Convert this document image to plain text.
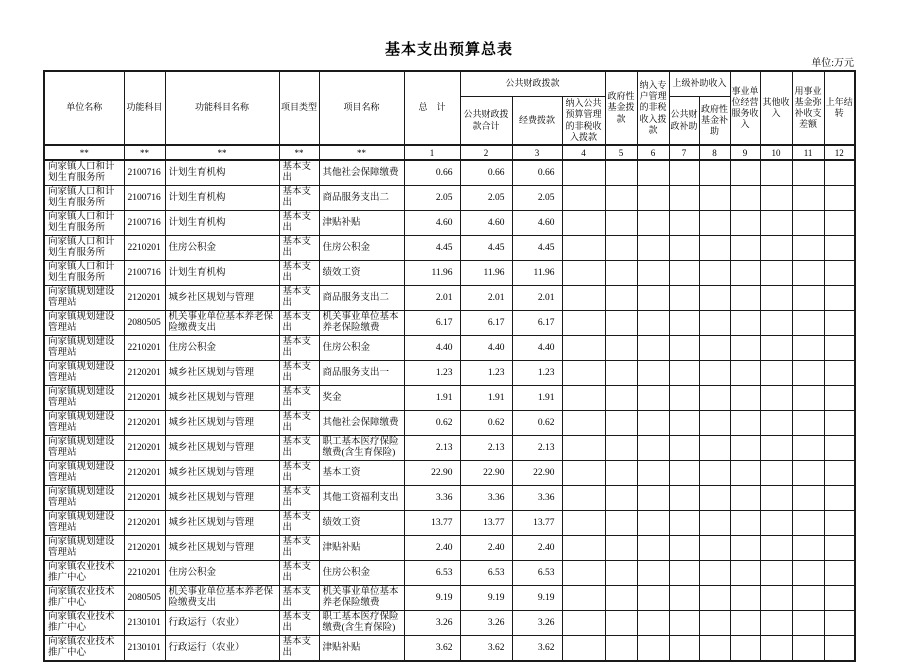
基本支出预算总表
单位:万元
单位名称	功能科目	功能科目名称	项目类型	项目名称	总　计	公共财政拨款			政府性基金拨款	纳入专户管理的非税收入拨款	上级补助收入		事业单位经营服务收入	其他收入	用事业基金弥补收支差额	上年结转
						公共财政拨款合计	经费拨款	纳入公共预算管理的非税收入拨款			公共财政补助	政府性基金补助				
**	**	**	**	**	1	2	3	4	5	6	7	8	9	10	11	12
向家镇人口和计划生育服务所	2100716	计划生育机构	基本支出	其他社会保障缴费	0.66	0.66	0.66									
向家镇人口和计划生育服务所	2100716	计划生育机构	基本支出	商品服务支出二	2.05	2.05	2.05									
向家镇人口和计划生育服务所	2100716	计划生育机构	基本支出	津贴补贴	4.60	4.60	4.60									
向家镇人口和计划生育服务所	2210201	住房公积金	基本支出	住房公积金	4.45	4.45	4.45									
向家镇人口和计划生育服务所	2100716	计划生育机构	基本支出	绩效工资	11.96	11.96	11.96									
向家镇规划建设管理站	2120201	城乡社区规划与管理	基本支出	商品服务支出二	2.01	2.01	2.01									
向家镇规划建设管理站	2080505	机关事业单位基本养老保险缴费支出	基本支出	机关事业单位基本养老保险缴费	6.17	6.17	6.17									
向家镇规划建设管理站	2210201	住房公积金	基本支出	住房公积金	4.40	4.40	4.40									
向家镇规划建设管理站	2120201	城乡社区规划与管理	基本支出	商品服务支出一	1.23	1.23	1.23									
向家镇规划建设管理站	2120201	城乡社区规划与管理	基本支出	奖金	1.91	1.91	1.91									
向家镇规划建设管理站	2120201	城乡社区规划与管理	基本支出	其他社会保障缴费	0.62	0.62	0.62									
向家镇规划建设管理站	2120201	城乡社区规划与管理	基本支出	职工基本医疗保险缴费(含生育保险)	2.13	2.13	2.13									
向家镇规划建设管理站	2120201	城乡社区规划与管理	基本支出	基本工资	22.90	22.90	22.90									
向家镇规划建设管理站	2120201	城乡社区规划与管理	基本支出	其他工资福利支出	3.36	3.36	3.36									
向家镇规划建设管理站	2120201	城乡社区规划与管理	基本支出	绩效工资	13.77	13.77	13.77									
向家镇规划建设管理站	2120201	城乡社区规划与管理	基本支出	津贴补贴	2.40	2.40	2.40									
向家镇农业技术推广中心	2210201	住房公积金	基本支出	住房公积金	6.53	6.53	6.53									
向家镇农业技术推广中心	2080505	机关事业单位基本养老保险缴费支出	基本支出	机关事业单位基本养老保险缴费	9.19	9.19	9.19									
向家镇农业技术推广中心	2130101	行政运行（农业）	基本支出	职工基本医疗保险缴费(含生育保险)	3.26	3.26	3.26									
向家镇农业技术推广中心	2130101	行政运行（农业）	基本支出	津贴补贴	3.62	3.62	3.62									
